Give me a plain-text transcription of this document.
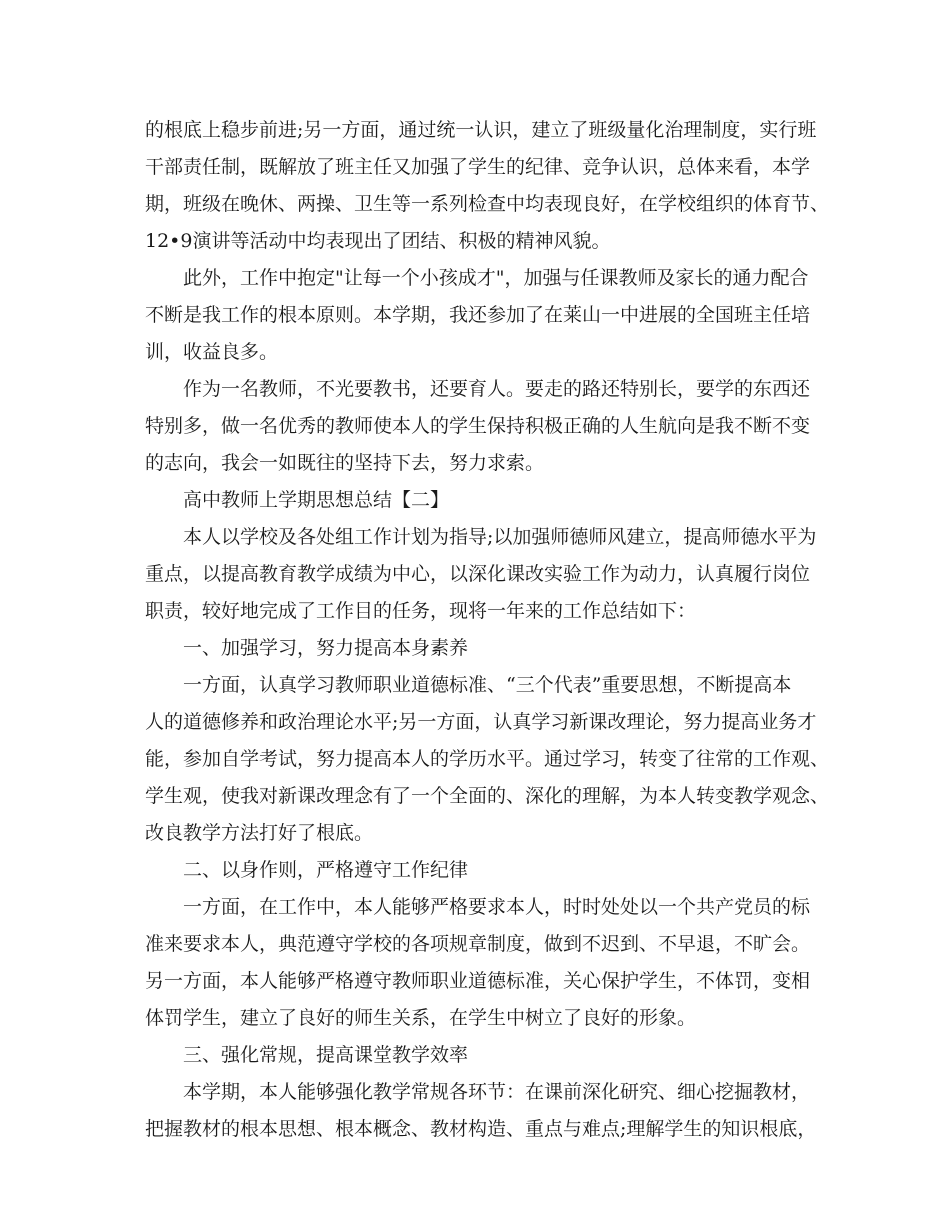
的根底上稳步前进;另一方面，通过统一认识，建立了班级量化治理制度，实行班
干部责任制，既解放了班主任又加强了学生的纪律、竞争认识，总体来看，本学
期，班级在晚休、两操、卫生等一系列检查中均表现良好，在学校组织的体育节、
12•9演讲等活动中均表现出了团结、积极的精神风貌。
此外，工作中抱定"让每一个小孩成才"，加强与任课教师及家长的通力配合
不断是我工作的根本原则。本学期，我还参加了在莱山一中进展的全国班主任培
训，收益良多。
作为一名教师，不光要教书，还要育人。要走的路还特别长，要学的东西还
特别多，做一名优秀的教师使本人的学生保持积极正确的人生航向是我不断不变
的志向，我会一如既往的坚持下去，努力求索。
高中教师上学期思想总结【二】
本人以学校及各处组工作计划为指导;以加强师德师风建立，提高师德水平为
重点，以提高教育教学成绩为中心，以深化课改实验工作为动力，认真履行岗位
职责，较好地完成了工作目的任务，现将一年来的工作总结如下：
一、加强学习，努力提高本身素养
一方面，认真学习教师职业道德标准、“三个代表”重要思想，不断提高本
人的道德修养和政治理论水平;另一方面，认真学习新课改理论，努力提高业务才
能，参加自学考试，努力提高本人的学历水平。通过学习，转变了往常的工作观、
学生观，使我对新课改理念有了一个全面的、深化的理解，为本人转变教学观念、
改良教学方法打好了根底。
二、以身作则，严格遵守工作纪律
一方面，在工作中，本人能够严格要求本人，时时处处以一个共产党员的标
准来要求本人，典范遵守学校的各项规章制度，做到不迟到、不早退，不旷会。
另一方面，本人能够严格遵守教师职业道德标准，关心保护学生，不体罚，变相
体罚学生，建立了良好的师生关系，在学生中树立了良好的形象。
三、强化常规，提高课堂教学效率
本学期，本人能够强化教学常规各环节：在课前深化研究、细心挖掘教材，
把握教材的根本思想、根本概念、教材构造、重点与难点;理解学生的知识根底，
